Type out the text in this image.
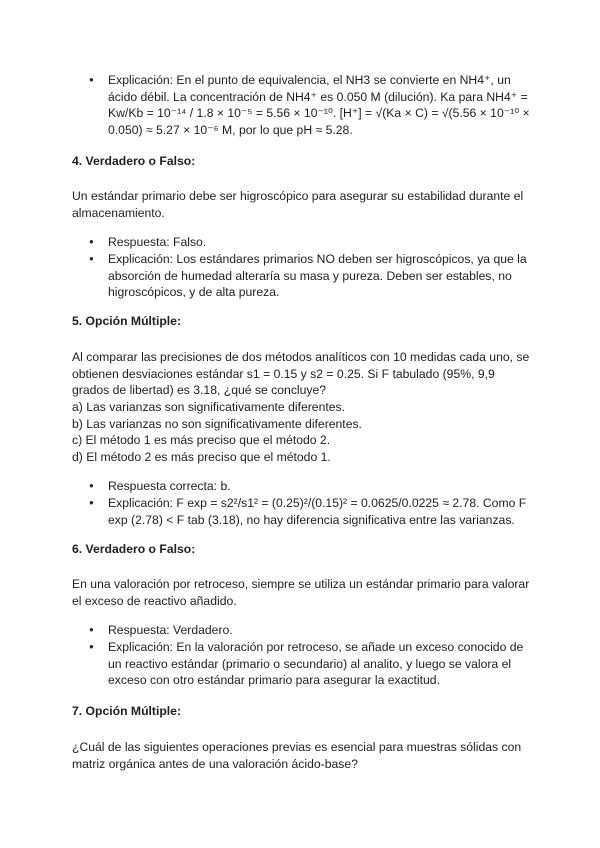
● Explicación: En el punto de equivalencia, el NH3 se convierte en NH4⁺, un ácido débil. La concentración de NH4⁺ es 0.050 M (dilución). Ka para NH4⁺ = Kw/Kb = 10⁻¹⁴ / 1.8 × 10⁻⁵ = 5.56 × 10⁻¹⁰. [H⁺] = √(Ka × C) = √(5.56 × 10⁻¹⁰ × 0.050) ≈ 5.27 × 10⁻⁶ M, por lo que pH ≈ 5.28.
4. Verdadero o Falso:
Un estándar primario debe ser higroscópico para asegurar su estabilidad durante el almacenamiento.
● Respuesta: Falso.
● Explicación: Los estándares primarios NO deben ser higroscópicos, ya que la absorción de humedad alteraría su masa y pureza. Deben ser estables, no higroscópicos, y de alta pureza.
5. Opción Múltiple:
Al comparar las precisiones de dos métodos analíticos con 10 medidas cada uno, se obtienen desviaciones estándar s1 = 0.15 y s2 = 0.25. Si F tabulado (95%, 9,9 grados de libertad) es 3.18, ¿qué se concluye?
a) Las varianzas son significativamente diferentes.
b) Las varianzas no son significativamente diferentes.
c) El método 1 es más preciso que el método 2.
d) El método 2 es más preciso que el método 1.
● Respuesta correcta: b.
● Explicación: F exp = s2²/s1² = (0.25)²/(0.15)² = 0.0625/0.0225 ≈ 2.78. Como F exp (2.78) < F tab (3.18), no hay diferencia significativa entre las varianzas.
6. Verdadero o Falso:
En una valoración por retroceso, siempre se utiliza un estándar primario para valorar el exceso de reactivo añadido.
● Respuesta: Verdadero.
● Explicación: En la valoración por retroceso, se añade un exceso conocido de un reactivo estándar (primario o secundario) al analito, y luego se valora el exceso con otro estándar primario para asegurar la exactitud.
7. Opción Múltiple:
¿Cuál de las siguientes operaciones previas es esencial para muestras sólidas con matriz orgánica antes de una valoración ácido-base?
